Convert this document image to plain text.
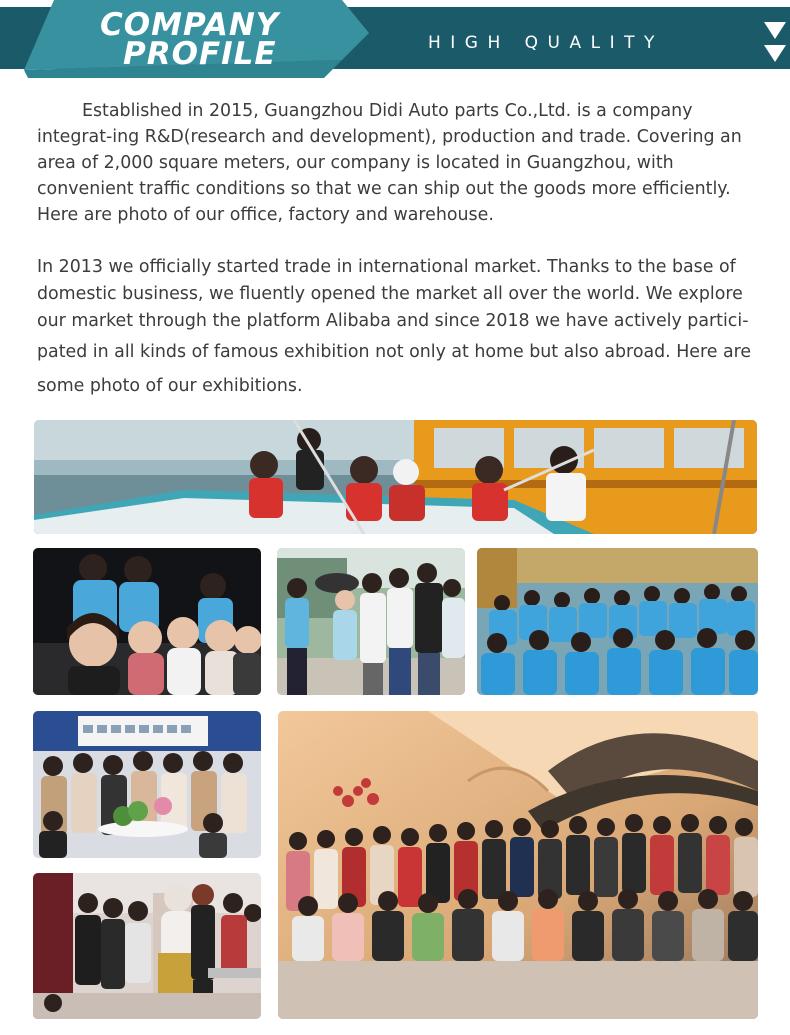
COMPANY
PROFILE	HIGH QUALITY

Established in 2015, Guangzhou Didi Auto parts Co.,Ltd. is a company integrat-ing R&D(research and development), production and trade. Covering an area of 2,000 square meters, our company is located in Guangzhou, with convenient traffic conditions so that we can ship out the goods more efficiently. Here are photo of our office, factory and warehouse.

In 2013 we officially started trade in international market. Thanks to the base of domestic business, we fluently opened the market all over the world. We explore our market through the platform Alibaba and since 2018 we have actively partici-
pated in all kinds of famous exhibition not only at home but also abroad. Here are some photo of our exhibitions.
